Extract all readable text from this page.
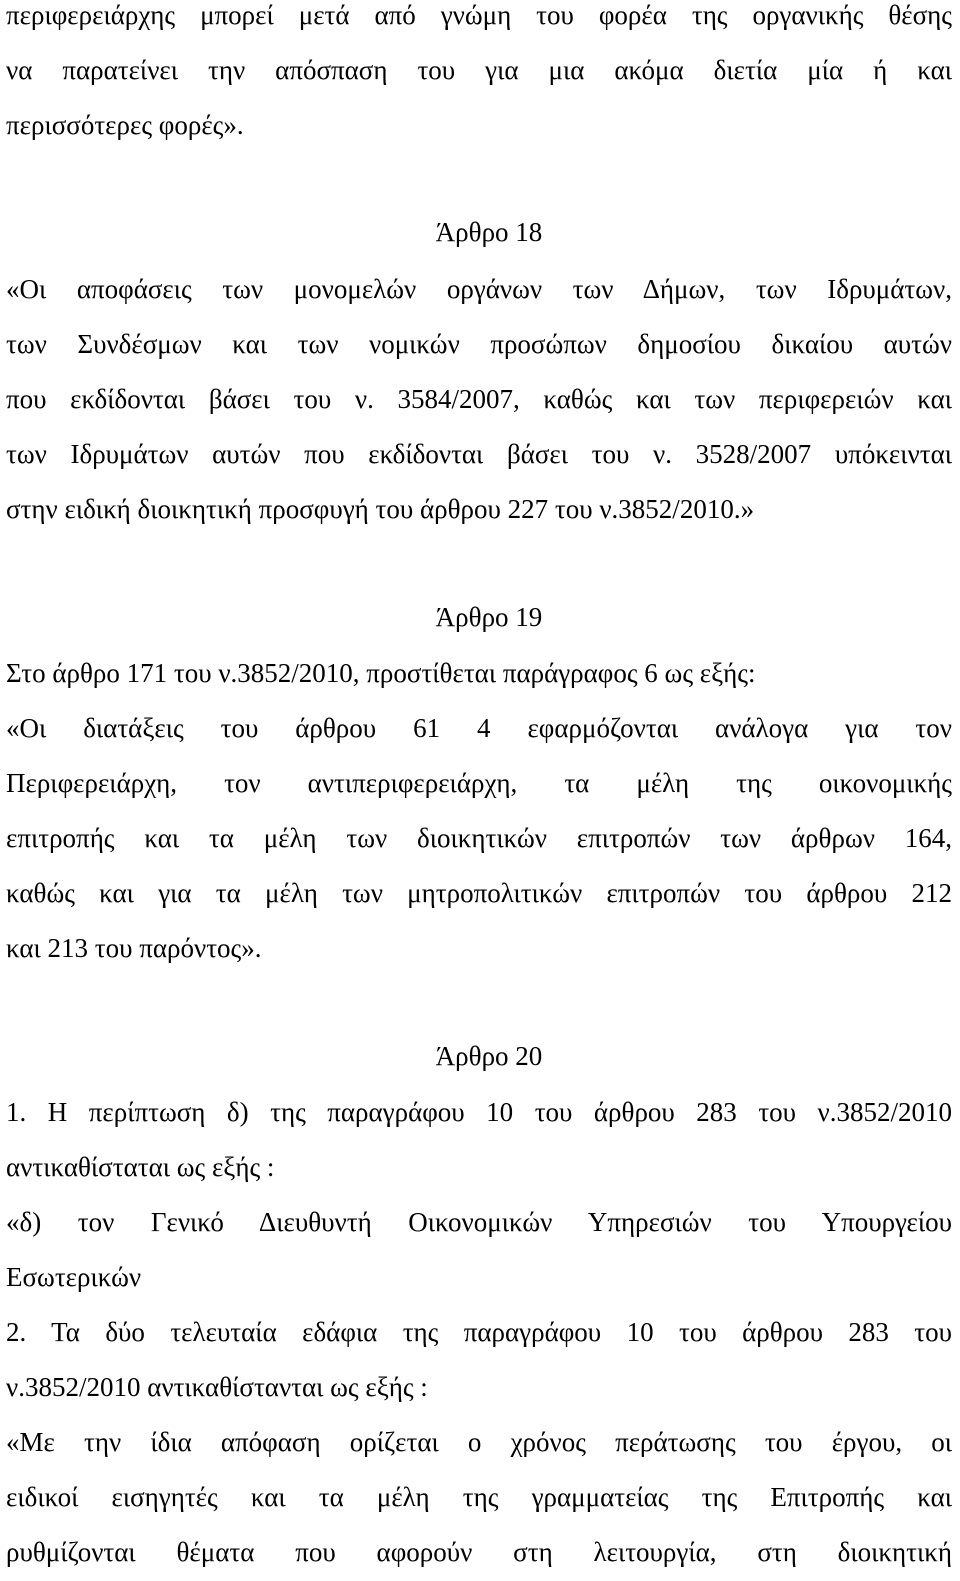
περιφερειάρχης μπορεί μετά από γνώμη του φορέα της οργανικής θέσης
να παρατείνει την απόσπαση του για μια ακόμα διετία μία ή και
περισσότερες φορές».
Άρθρο 18
«Οι αποφάσεις των μονομελών οργάνων των Δήμων, των Ιδρυμάτων,
των Συνδέσμων και των νομικών προσώπων δημοσίου δικαίου αυτών
που εκδίδονται βάσει του ν. 3584/2007, καθώς και των περιφερειών και
των Ιδρυμάτων αυτών που εκδίδονται βάσει του ν. 3528/2007 υπόκεινται
στην ειδική διοικητική προσφυγή του άρθρου 227 του ν.3852/2010.»
Άρθρο 19
Στο άρθρο 171 του ν.3852/2010, προστίθεται παράγραφος 6 ως εξής:
«Οι διατάξεις του άρθρου 61 4 εφαρμόζονται ανάλογα για τον
Περιφερειάρχη, τον αντιπεριφερειάρχη, τα μέλη της οικονομικής
επιτροπής και τα μέλη των διοικητικών επιτροπών των άρθρων 164,
καθώς και για τα μέλη των μητροπολιτικών επιτροπών του άρθρου 212
και 213 του παρόντος».
Άρθρο 20
1. Η περίπτωση δ) της παραγράφου 10 του άρθρου 283 του ν.3852/2010
αντικαθίσταται ως εξής :
«δ) τον Γενικό Διευθυντή Οικονομικών Υπηρεσιών του Υπουργείου
Εσωτερικών
2. Τα δύο τελευταία εδάφια της παραγράφου 10 του άρθρου 283 του
ν.3852/2010 αντικαθίστανται ως εξής :
«Με την ίδια απόφαση ορίζεται ο χρόνος περάτωσης του έργου, οι
ειδικοί εισηγητές και τα μέλη της γραμματείας της Επιτροπής και
ρυθμίζονται θέματα που αφορούν στη λειτουργία, στη διοικητική
